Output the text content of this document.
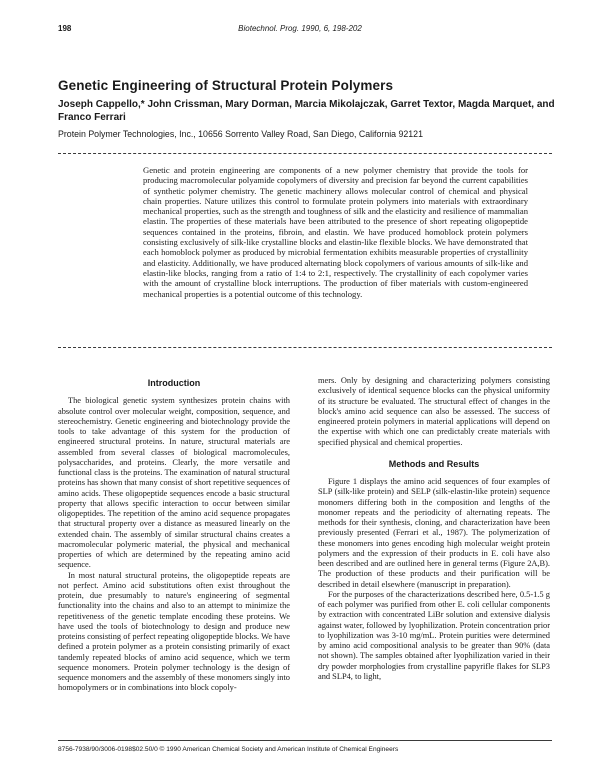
198	Biotechnol. Prog. 1990, 6, 198-202
Genetic Engineering of Structural Protein Polymers
Joseph Cappello,* John Crissman, Mary Dorman, Marcia Mikolajczak, Garret Textor, Magda Marquet, and Franco Ferrari
Protein Polymer Technologies, Inc., 10656 Sorrento Valley Road, San Diego, California 92121
Genetic and protein engineering are components of a new polymer chemistry that provide the tools for producing macromolecular polyamide copolymers of diversity and precision far beyond the current capabilities of synthetic polymer chemistry. The genetic machinery allows molecular control of chemical and physical chain properties. Nature utilizes this control to formulate protein polymers into materials with extraordinary mechanical properties, such as the strength and toughness of silk and the elasticity and resilience of mammalian elastin. The properties of these materials have been attributed to the presence of short repeating oligopeptide sequences contained in the proteins, fibroin, and elastin. We have produced homoblock protein polymers consisting exclusively of silk-like crystalline blocks and elastin-like flexible blocks. We have demonstrated that each homoblock polymer as produced by microbial fermentation exhibits measurable properties of crystallinity and elasticity. Additionally, we have produced alternating block copolymers of various amounts of silk-like and elastin-like blocks, ranging from a ratio of 1:4 to 2:1, respectively. The crystallinity of each copolymer varies with the amount of crystalline block interruptions. The production of fiber materials with custom-engineered mechanical properties is a potential outcome of this technology.
Introduction

The biological genetic system synthesizes protein chains with absolute control over molecular weight, composition, sequence, and stereochemistry. Genetic engineering and biotechnology provide the tools to take advantage of this system for the production of engineered structural proteins. In nature, structural materials are assembled from several classes of biological macromolecules, polysaccharides, and proteins. Clearly, the more versatile and functional class is the proteins. The examination of natural structural proteins has shown that many consist of short repetitive sequences of amino acids. These oligopeptide sequences encode a basic structural property that allows specific interaction to occur between similar oligopeptides. The repetition of the amino acid sequence propagates that structural property over a distance as measured linearly on the extended chain. The assembly of similar structural chains creates a macromolecular polymeric material, the physical and mechanical properties of which are determined by the repeating amino acid sequence.

In most natural structural proteins, the oligopeptide repeats are not perfect. Amino acid substitutions often exist throughout the protein, due presumably to nature's engineering of segmental functionality into the chains and also to an attempt to minimize the repetitiveness of the genetic template encoding these proteins. We have used the tools of biotechnology to design and produce new proteins consisting of perfect repeating oligopeptide blocks. We have defined a protein polymer as a protein consisting primarily of exact tandemly repeated blocks of amino acid sequence, which we term sequence monomers. Protein polymer technology is the design of sequence monomers and the assembly of these monomers singly into homopolymers or in combinations into block copoly-

mers. Only by designing and characterizing polymers consisting exclusively of identical sequence blocks can the physical uniformity of its structure be evaluated. The structural effect of changes in the block's amino acid sequence can also be assessed. The success of engineered protein polymers in material applications will depend on the expertise with which one can predictably create materials with specified physical and chemical properties.

Methods and Results

Figure 1 displays the amino acid sequences of four examples of SLP (silk-like protein) and SELP (silk-elastin-like protein) sequence monomers differing both in the composition and lengths of the monomer repeats and the periodicity of alternating repeats. The methods for their synthesis, cloning, and characterization have been previously presented (Ferrari et al., 1987). The polymerization of these monomers into genes encoding high molecular weight protein polymers and the expression of their products in E. coli have also been described and are outlined here in general terms (Figure 2A,B). The production of these products and their purification will be described in detail elsewhere (manuscript in preparation).

For the purposes of the characterizations described here, 0.5-1.5 g of each polymer was purified from other E. coli cellular components by extraction with concentrated LiBr solution and extensive dialysis against water, followed by lyophilization. Protein concentration prior to lyophilization was 3-10 mg/mL. Protein purities were determined by amino acid compositional analysis to be greater than 90% (data not shown). The samples obtained after lyophilization varied in their dry powder morphologies from crystalline papyrifle flakes for SLP3 and SLP4, to light,

8756-7938/90/3006-0198$02.50/0 © 1990 American Chemical Society and American Institute of Chemical Engineers
